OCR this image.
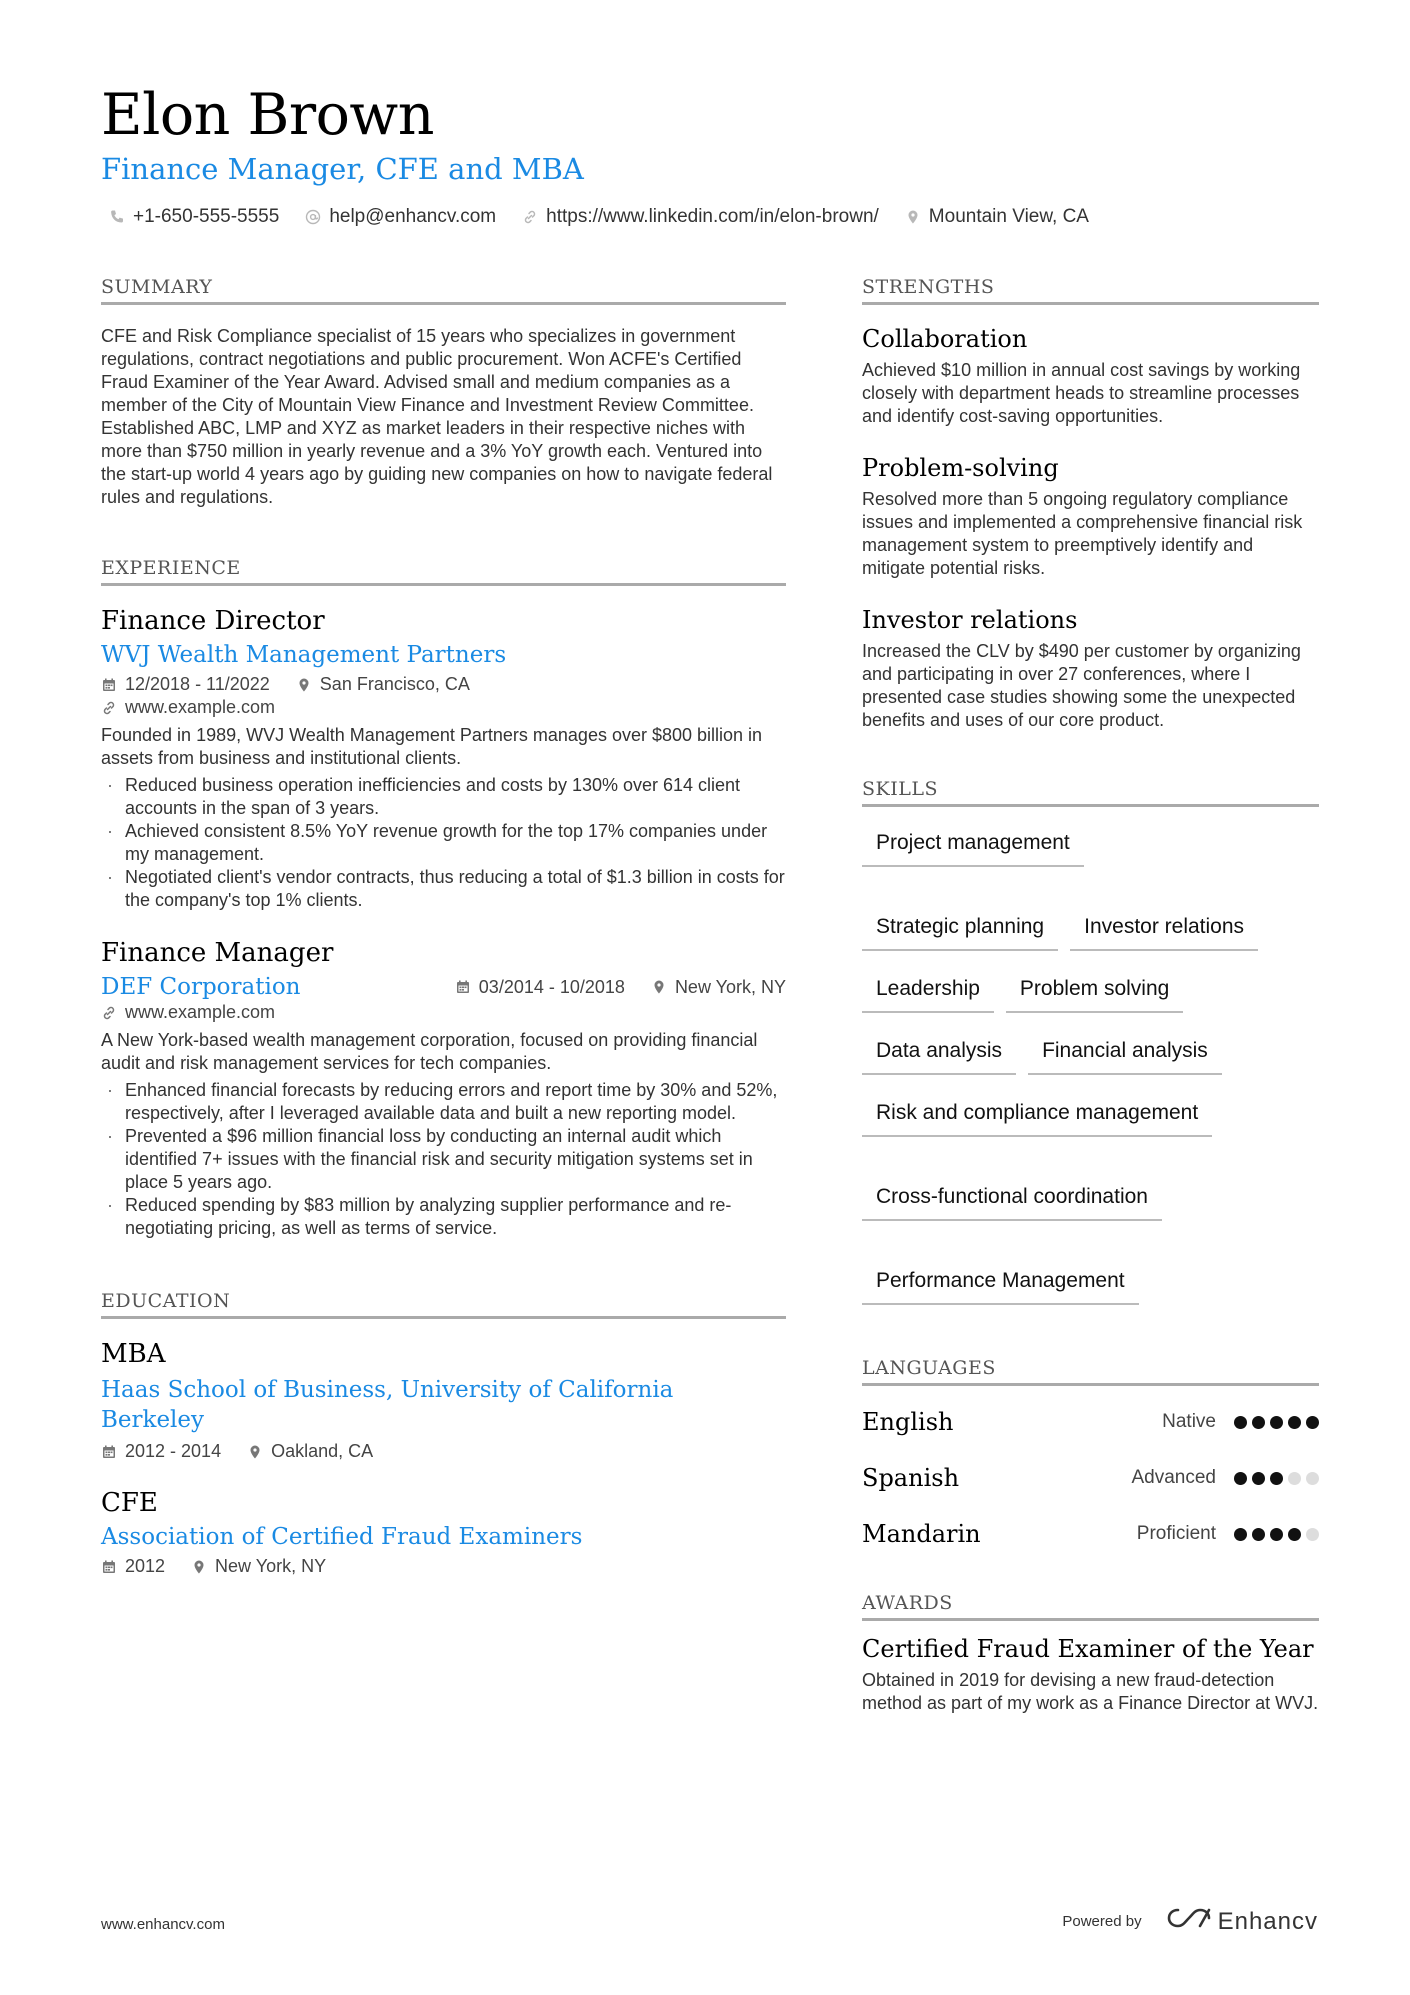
Elon Brown
Finance Manager, CFE and MBA
+1-650-555-5555	help@enhancv.com	https://www.linkedin.com/in/elon-brown/	Mountain View, CA
SUMMARY
CFE and Risk Compliance specialist of 15 years who specializes in government regulations, contract negotiations and public procurement. Won ACFE's Certified Fraud Examiner of the Year Award. Advised small and medium companies as a member of the City of Mountain View Finance and Investment Review Committee. Established ABC, LMP and XYZ as market leaders in their respective niches with more than $750 million in yearly revenue and a 3% YoY growth each. Ventured into the start-up world 4 years ago by guiding new companies on how to navigate federal rules and regulations.
EXPERIENCE
Finance Director
WVJ Wealth Management Partners
12/2018 - 11/2022	San Francisco, CA
www.example.com
Founded in 1989, WVJ Wealth Management Partners manages over $800 billion in assets from business and institutional clients.
· Reduced business operation inefficiencies and costs by 130% over 614 client accounts in the span of 3 years.
· Achieved consistent 8.5% YoY revenue growth for the top 17% companies under my management.
· Negotiated client's vendor contracts, thus reducing a total of $1.3 billion in costs for the company's top 1% clients.
Finance Manager
DEF Corporation	03/2014 - 10/2018	New York, NY
www.example.com
A New York-based wealth management corporation, focused on providing financial audit and risk management services for tech companies.
· Enhanced financial forecasts by reducing errors and report time by 30% and 52%, respectively, after I leveraged available data and built a new reporting model.
· Prevented a $96 million financial loss by conducting an internal audit which identified 7+ issues with the financial risk and security mitigation systems set in place 5 years ago.
· Reduced spending by $83 million by analyzing supplier performance and re-negotiating pricing, as well as terms of service.
EDUCATION
MBA
Haas School of Business, University of California Berkeley
2012 - 2014	Oakland, CA
CFE
Association of Certified Fraud Examiners
2012	New York, NY
STRENGTHS
Collaboration
Achieved $10 million in annual cost savings by working closely with department heads to streamline processes and identify cost-saving opportunities.
Problem-solving
Resolved more than 5 ongoing regulatory compliance issues and implemented a comprehensive financial risk management system to preemptively identify and mitigate potential risks.
Investor relations
Increased the CLV by $490 per customer by organizing and participating in over 27 conferences, where I presented case studies showing some the unexpected benefits and uses of our core product.
SKILLS
Project management
Strategic planning	Investor relations
Leadership	Problem solving
Data analysis	Financial analysis
Risk and compliance management
Cross-functional coordination
Performance Management
LANGUAGES
English	Native
Spanish	Advanced
Mandarin	Proficient
AWARDS
Certified Fraud Examiner of the Year
Obtained in 2019 for devising a new fraud-detection method as part of my work as a Finance Director at WVJ.
www.enhancv.com	Powered by	Enhancv
